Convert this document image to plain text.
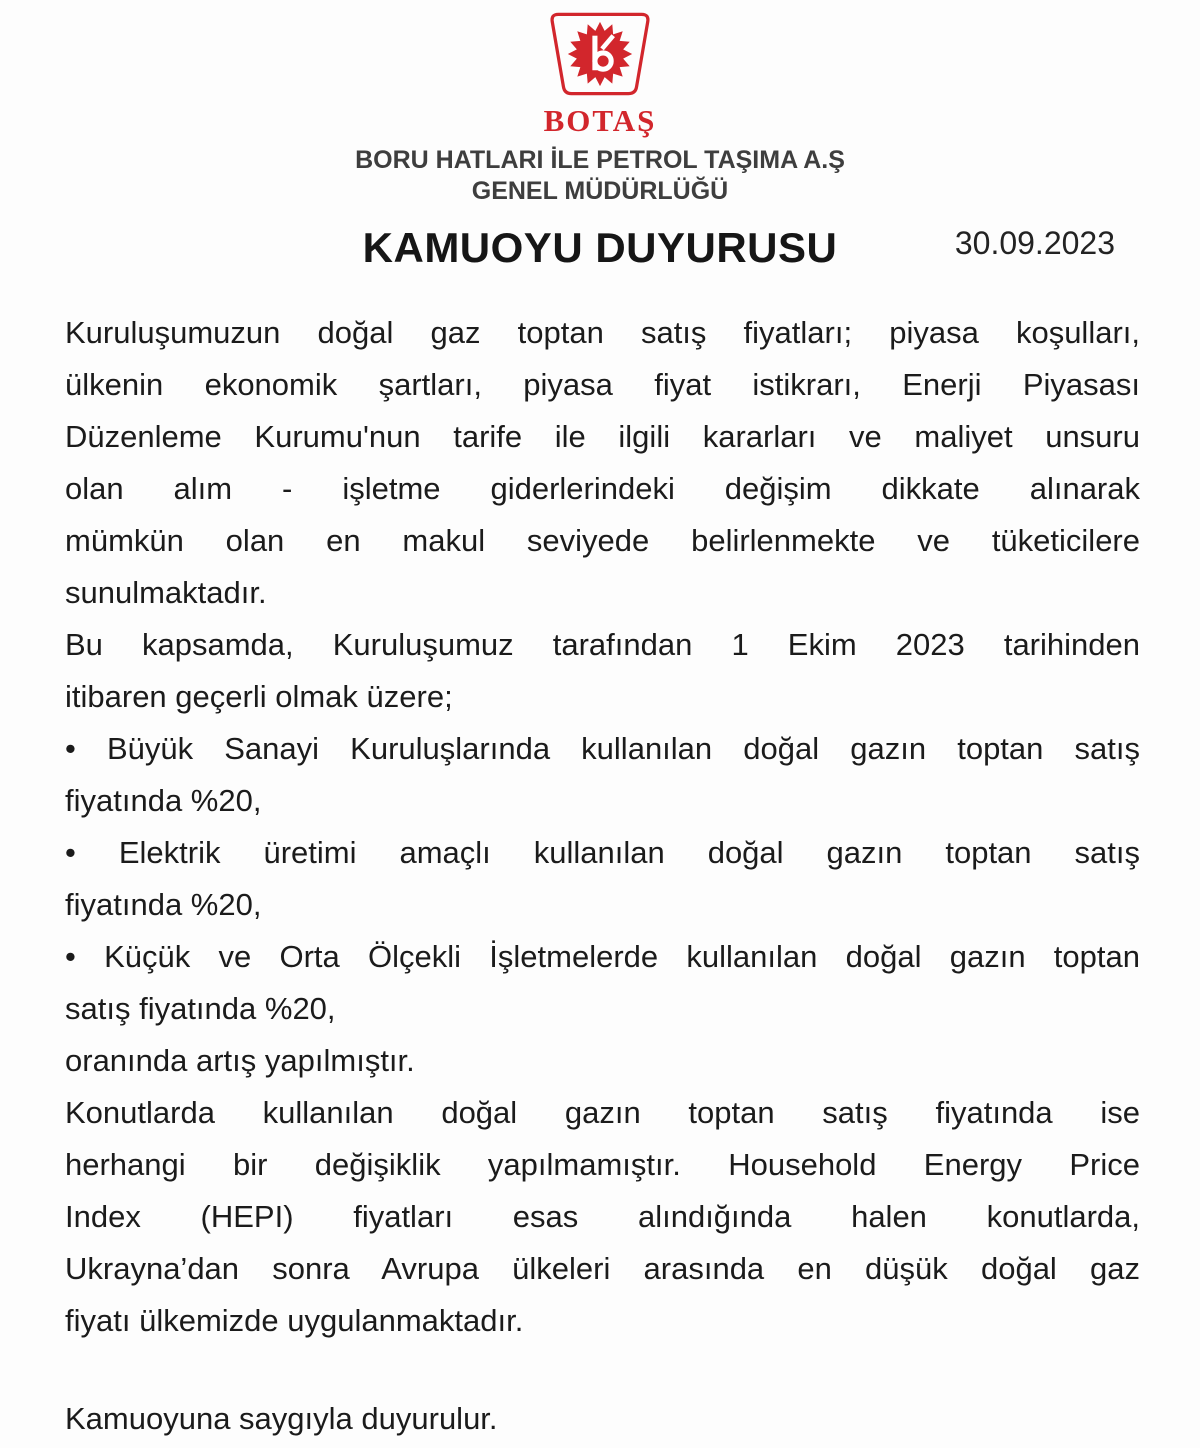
BOTAŞ
BORU HATLARI İLE PETROL TAŞIMA A.Ş
GENEL MÜDÜRLÜĞÜ
KAMUOYU DUYURUSU	30.09.2023

Kuruluşumuzun doğal gaz toptan satış fiyatları; piyasa koşulları,

ülkenin ekonomik şartları, piyasa fiyat istikrarı, Enerji Piyasası

Düzenleme Kurumu'nun tarife ile ilgili kararları ve maliyet unsuru

olan alım - işletme giderlerindeki değişim dikkate alınarak

mümkün olan en makul seviyede belirlenmekte ve tüketicilere

sunulmaktadır.

Bu kapsamda, Kuruluşumuz tarafından 1 Ekim 2023 tarihinden

itibaren geçerli olmak üzere;

• Büyük Sanayi Kuruluşlarında kullanılan doğal gazın toptan satış

fiyatında %20,

• Elektrik üretimi amaçlı kullanılan doğal gazın toptan satış

fiyatında %20,

• Küçük ve Orta Ölçekli İşletmelerde kullanılan doğal gazın toptan

satış fiyatında %20,

oranında artış yapılmıştır.

Konutlarda kullanılan doğal gazın toptan satış fiyatında ise

herhangi bir değişiklik yapılmamıştır. Household Energy Price

Index (HEPI) fiyatları esas alındığında halen konutlarda,

Ukrayna’dan sonra Avrupa ülkeleri arasında en düşük doğal gaz

fiyatı ülkemizde uygulanmaktadır.

Kamuoyuna saygıyla duyurulur.
